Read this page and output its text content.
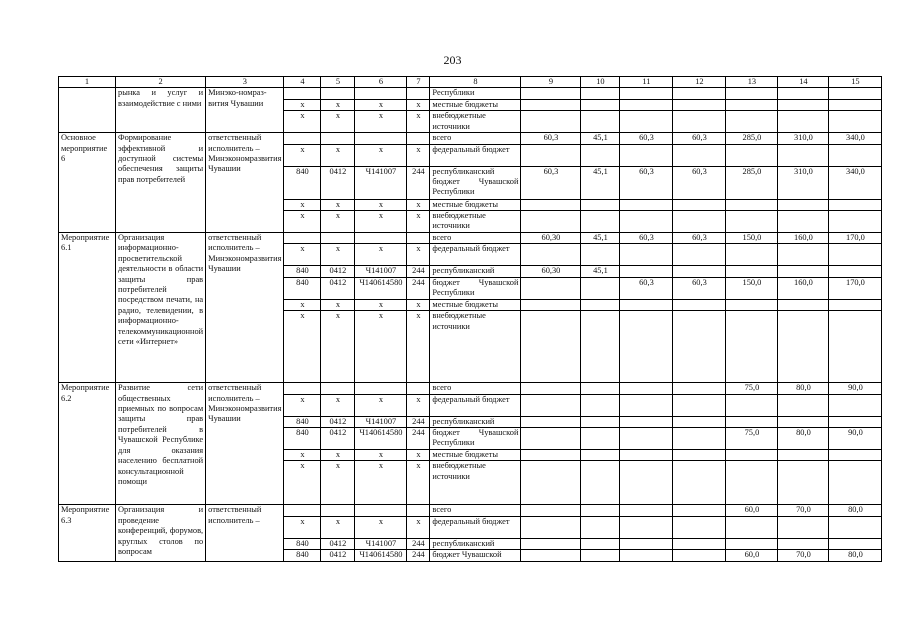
203
1	2	3	4	5	6	7	8	9	10	11	12	13	14	15
	рынка и услуг и взаимодействие с ними	Минэко-номраз-вития Чувашии					Республики							
			x	x	x	x	местные бюджеты							
			x	x	x	x	внебюджетные источники							
Основное мероприятие 6	Формирование эффективной и доступной системы обеспечения защиты прав потребителей	ответственный исполнитель – Минэкономразвития Чувашии					всего	60,3	45,1	60,3	60,3	285,0	310,0	340,0
			x	x	x	x	федеральный бюджет							
			840	0412	Ч141007	244	республиканский бюджет Чувашской Республики	60,3	45,1	60,3	60,3	285,0	310,0	340,0
			x	x	x	x	местные бюджеты							
			x	x	x	x	внебюджетные источники							
Мероприятие 6.1	Организация информационно-просветительской деятельности в области защиты прав потребителей посредством печати, на радио, телевидении, в информационно-телекоммуникационной сети «Интернет»	ответственный исполнитель – Минэкономразвития Чувашии					всего	60,30	45,1	60,3	60,3	150,0	160,0	170,0
			x	x	x	x	федеральный бюджет							
			840	0412	Ч141007	244	республиканский	60,30	45,1					
			840	0412	Ч140614580	244	бюджет Чувашской Республики			60,3	60,3	150,0	160,0	170,0
			x	x	x	x	местные бюджеты							
			x	x	x	x	внебюджетные источники							
Мероприятие 6.2	Развитие сети общественных приемных по вопросам защиты прав потребителей в Чувашской Республике для оказания населению бесплатной консультационной помощи	ответственный исполнитель – Минэкономразвития Чувашии					всего					75,0	80,0	90,0
			x	x	x	x	федеральный бюджет							
			840	0412	Ч141007	244	республиканский							
			840	0412	Ч140614580	244	бюджет Чувашской Республики					75,0	80,0	90,0
			x	x	x	x	местные бюджеты							
			x	x	x	x	внебюджетные источники							
Мероприятие 6.3	Организация и проведение конференций, форумов, круглых столов по вопросам	ответственный исполнитель –					всего					60,0	70,0	80,0
			x	x	x	x	федеральный бюджет							
			840	0412	Ч141007	244	республиканский							
			840	0412	Ч140614580	244	бюджет Чувашской					60,0	70,0	80,0
